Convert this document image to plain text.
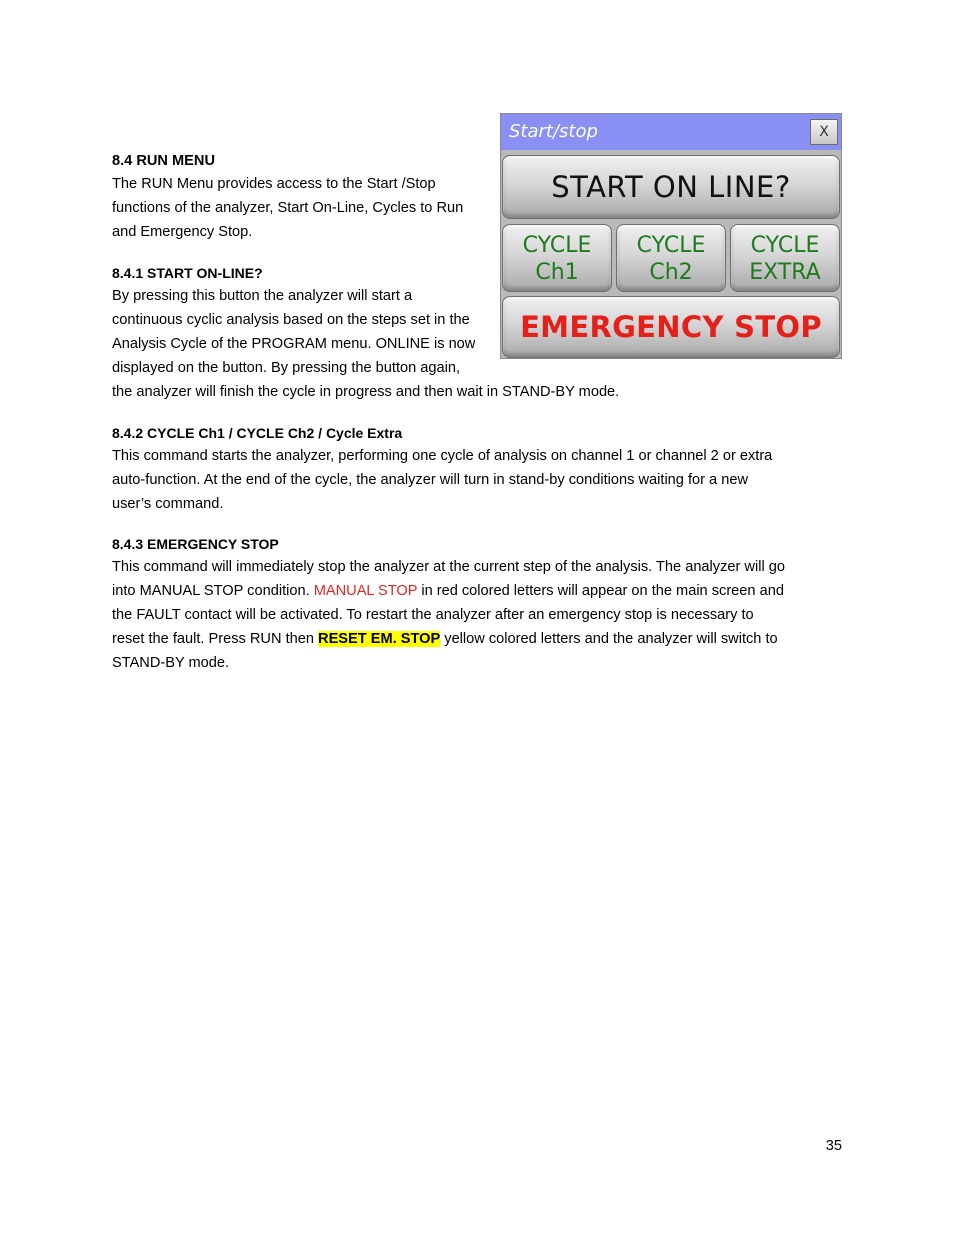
8.4 RUN MENU

The RUN Menu provides access to the Start /Stop

functions of the analyzer, Start On-Line, Cycles to Run

and Emergency Stop.

8.4.1 START ON-LINE?

By pressing this button the analyzer will start a

continuous cyclic analysis based on the steps set in the

Analysis Cycle of the PROGRAM menu. ONLINE is now

displayed on the button. By pressing the button again,

the analyzer will finish the cycle in progress and then wait in STAND-BY mode.

8.4.2 CYCLE Ch1 / CYCLE Ch2 / Cycle Extra

This command starts the analyzer, performing one cycle of analysis on channel 1 or channel 2 or extra

auto-function. At the end of the cycle, the analyzer will turn in stand-by conditions waiting for a new

user’s command.

8.4.3 EMERGENCY STOP

This command will immediately stop the analyzer at the current step of the analysis. The analyzer will go

into MANUAL STOP condition. MANUAL STOP in red colored letters will appear on the main screen and

the FAULT contact will be activated. To restart the analyzer after an emergency stop is necessary to

reset the fault. Press RUN then RESET EM. STOP yellow colored letters and the analyzer will switch to

STAND-BY mode.

Start/stop	X
START ON LINE?
CYCLE
Ch1
CYCLE
Ch2
CYCLE
EXTRA
EMERGENCY STOP
35
